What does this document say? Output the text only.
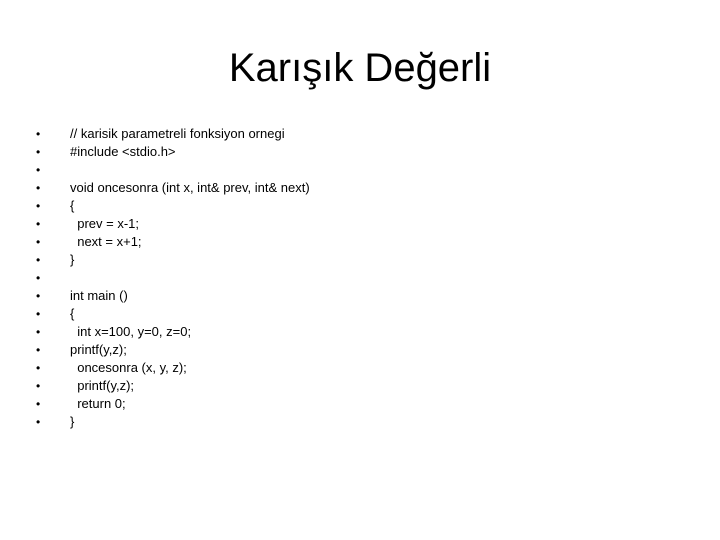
Karışık Değerli
•	// karisik parametreli fonksiyon ornegi
•	#include <stdio.h>
•
•	void oncesonra (int x, int& prev, int& next)
•	{
•	prev = x-1;
•	next = x+1;
•	}
•
•	int main ()
•	{
•	int x=100, y=0, z=0;
•	printf(y,z);
•	oncesonra (x, y, z);
•	printf(y,z);
•	return 0;
•	}
